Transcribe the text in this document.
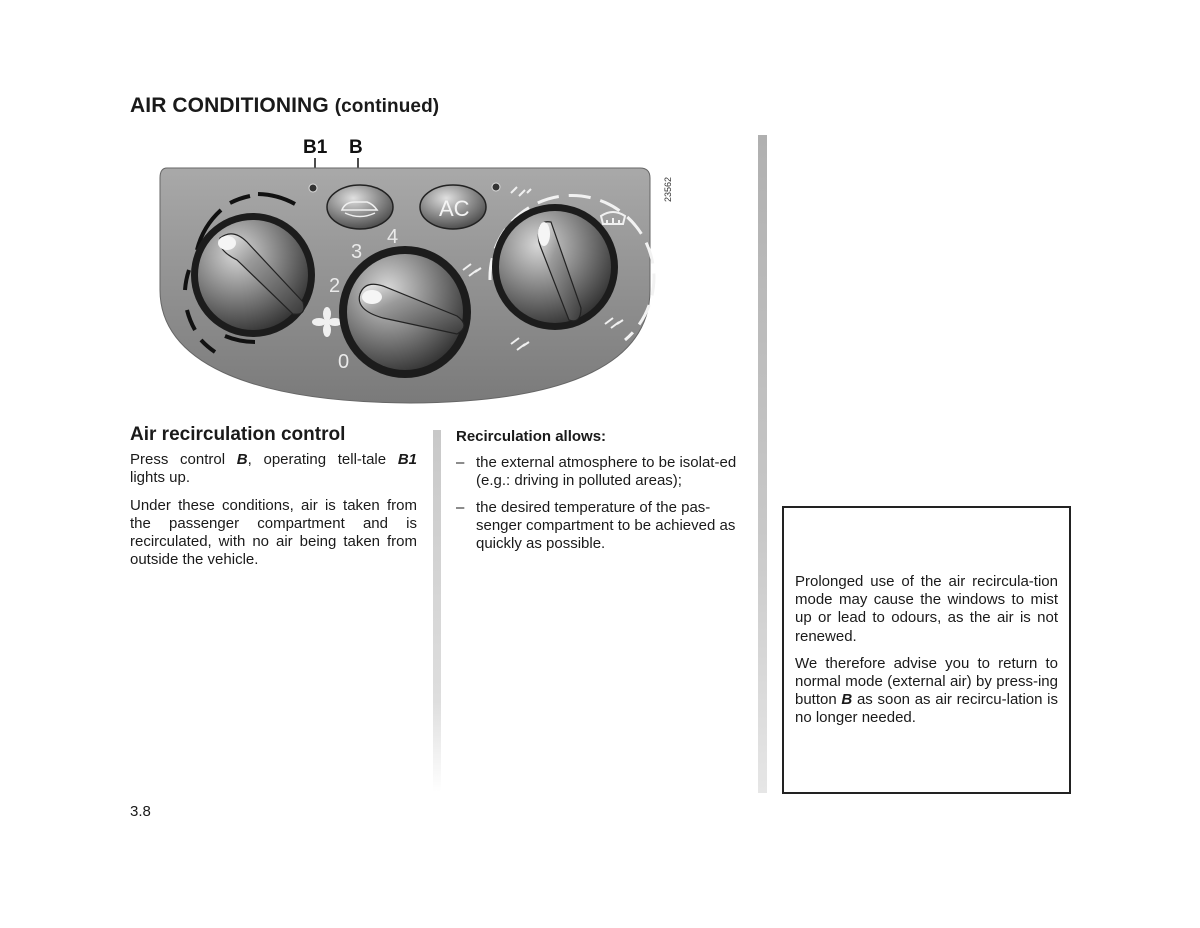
AIR CONDITIONING (continued)
B1 B
23562
AC
3
4
2
0
Air recirculation control

Press control B, operating tell-tale B1 lights up.

Under these conditions, air is taken from the passenger compartment and is recirculated, with no air being taken from outside the vehicle.

Recirculation allows:
– the external atmosphere to be isolat-ed (e.g.: driving in polluted areas);
– the desired temperature of the pas-senger compartment to be achieved as quickly as possible.

Prolonged use of the air recircula-tion mode may cause the windows to mist up or lead to odours, as the air is not renewed.

We therefore advise you to return to normal mode (external air) by press-ing button B as soon as air recircu-lation is no longer needed.

3.8
